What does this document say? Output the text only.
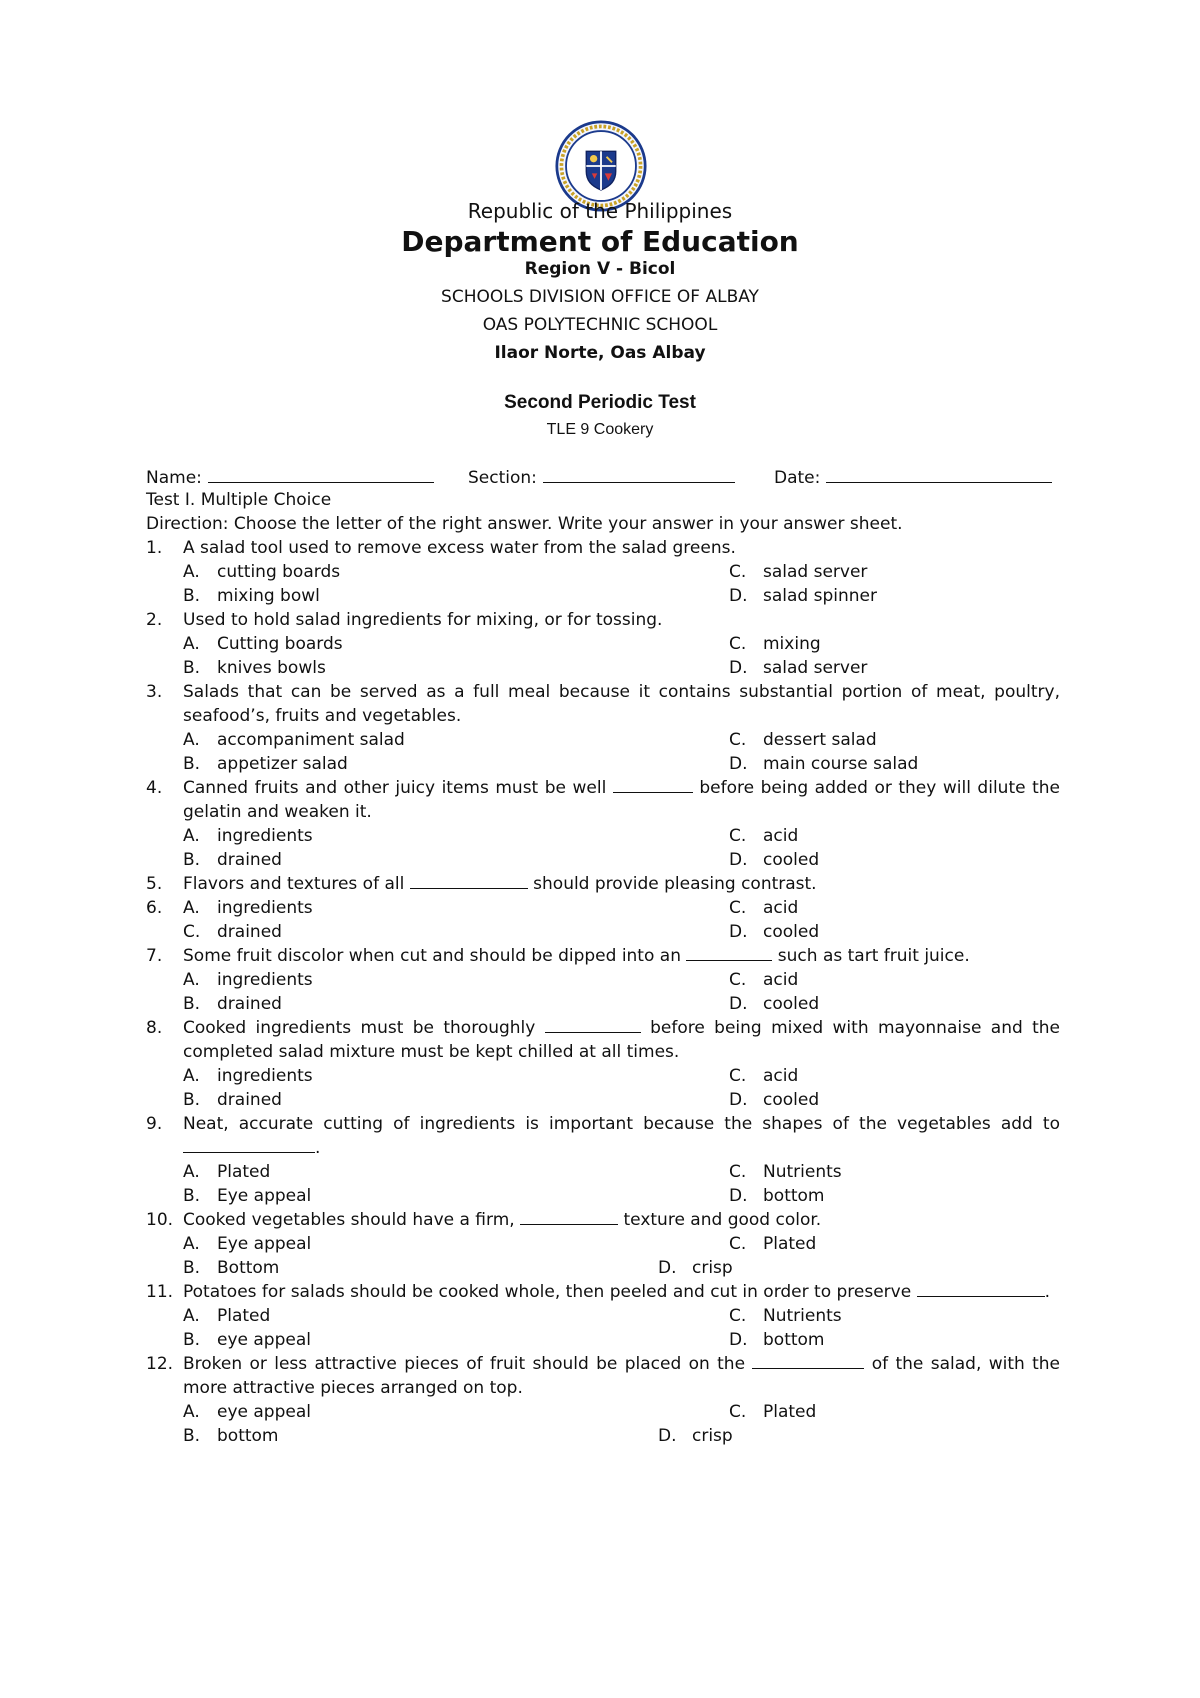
Republic of the Philippines
Department of Education
Region V - Bicol
SCHOOLS DIVISION OFFICE OF ALBAY
OAS POLYTECHNIC SCHOOL
Ilaor Norte, Oas Albay
Second Periodic Test
TLE 9 Cookery
Name:	Section:	Date:
Test I. Multiple Choice
Direction: Choose the letter of the right answer. Write your answer in your answer sheet.
1. A salad tool used to remove excess water from the salad greens.
A. cutting boards	C. salad server
B. mixing bowl	D. salad spinner
2. Used to hold salad ingredients for mixing, or for tossing.
A. Cutting boards	C. mixing
B. knives bowls	D. salad server
3. Salads that can be served as a full meal because it contains substantial portion of meat, poultry, seafood’s, fruits and vegetables.
A. accompaniment salad	C. dessert salad
B. appetizer salad	D. main course salad
4. Canned fruits and other juicy items must be well	before being added or they will dilute the gelatin and weaken it.
A. ingredients	C. acid
B. drained	D. cooled
5. Flavors and textures of all	should provide pleasing contrast.
6. A. ingredients	C. acid
C. drained	D. cooled
7. Some fruit discolor when cut and should be dipped into an	such as tart fruit juice.
A. ingredients	C. acid
B. drained	D. cooled
8. Cooked ingredients must be thoroughly	before being mixed with mayonnaise and the completed salad mixture must be kept chilled at all times.
A. ingredients	C. acid
B. drained	D. cooled
9. Neat, accurate cutting of ingredients is important because the shapes of the vegetables add to .
A. Plated	C. Nutrients
B. Eye appeal	D. bottom
10. Cooked vegetables should have a firm,	texture and good color.
A. Eye appeal	C. Plated
B. Bottom	D. crisp
11. Potatoes for salads should be cooked whole, then peeled and cut in order to preserve	.
A. Plated	C. Nutrients
B. eye appeal	D. bottom
12. Broken or less attractive pieces of fruit should be placed on the	of the salad, with the more attractive pieces arranged on top.
A. eye appeal	C. Plated
B. bottom	D. crisp
